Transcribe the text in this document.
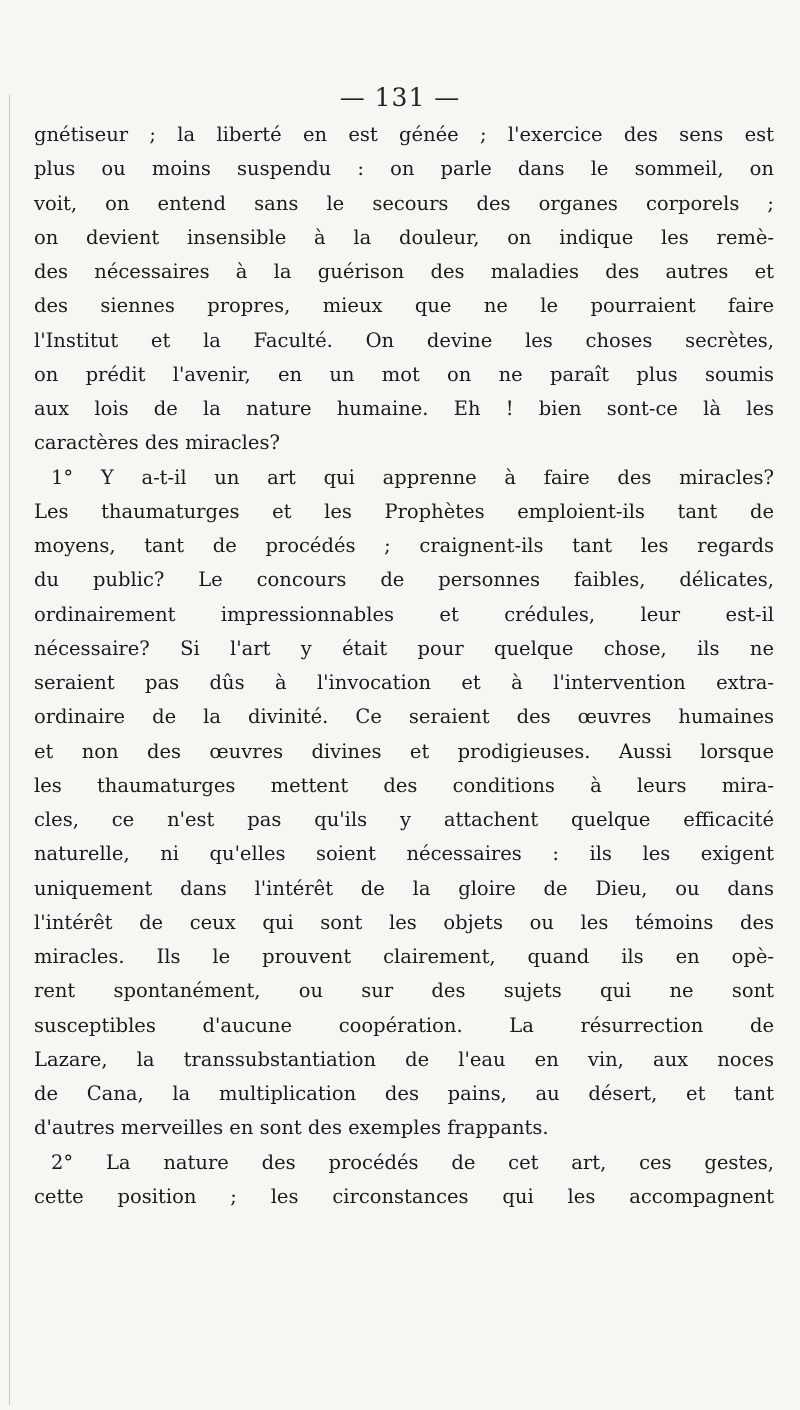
— 131 —
gnétiseur ; la liberté en est génée ; l'exercice des sens est
plus ou moins suspendu : on parle dans le sommeil, on
voit, on entend sans le secours des organes corporels ;
on devient insensible à la douleur, on indique les remè-
des nécessaires à la guérison des maladies des autres et
des siennes propres, mieux que ne le pourraient faire
l'Institut et la Faculté. On devine les choses secrètes,
on prédit l'avenir, en un mot on ne paraît plus soumis
aux lois de la nature humaine. Eh ! bien sont-ce là les
caractères des miracles?
1° Y a-t-il un art qui apprenne à faire des miracles?
Les thaumaturges et les Prophètes emploient-ils tant de
moyens, tant de procédés ; craignent-ils tant les regards
du public? Le concours de personnes faibles, délicates,
ordinairement impressionnables et crédules, leur est-il
nécessaire? Si l'art y était pour quelque chose, ils ne
seraient pas dûs à l'invocation et à l'intervention extra-
ordinaire de la divinité. Ce seraient des œuvres humaines
et non des œuvres divines et prodigieuses. Aussi lorsque
les thaumaturges mettent des conditions à leurs mira-
cles, ce n'est pas qu'ils y attachent quelque efficacité
naturelle, ni qu'elles soient nécessaires : ils les exigent
uniquement dans l'intérêt de la gloire de Dieu, ou dans
l'intérêt de ceux qui sont les objets ou les témoins des
miracles. Ils le prouvent clairement, quand ils en opè-
rent spontanément, ou sur des sujets qui ne sont
susceptibles d'aucune coopération. La résurrection de
Lazare, la transsubstantiation de l'eau en vin, aux noces
de Cana, la multiplication des pains, au désert, et tant
d'autres merveilles en sont des exemples frappants.
2° La nature des procédés de cet art, ces gestes,
cette position ; les circonstances qui les accompagnent
